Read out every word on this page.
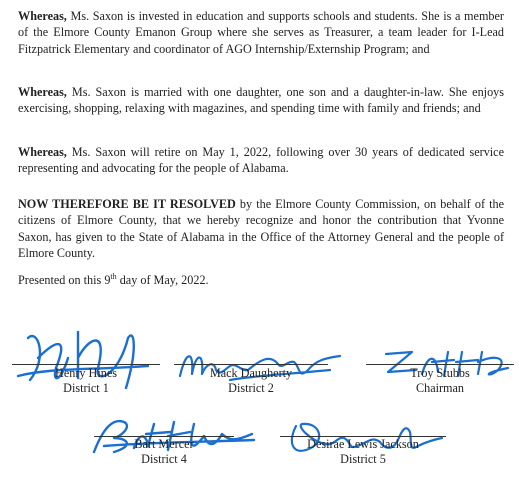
Whereas, Ms. Saxon is invested in education and supports schools and students. She is a member of the Elmore County Emanon Group where she serves as Treasurer, a team leader for I-Lead Fitzpatrick Elementary and coordinator of AGO Internship/Externship Program; and

Whereas, Ms. Saxon is married with one daughter, one son and a daughter-in-law. She enjoys exercising, shopping, relaxing with magazines, and spending time with family and friends; and

Whereas, Ms. Saxon will retire on May 1, 2022, following over 30 years of dedicated service representing and advocating for the people of Alabama.

NOW THEREFORE BE IT RESOLVED by the Elmore County Commission, on behalf of the citizens of Elmore County, that we hereby recognize and honor the contribution that Yvonne Saxon, has given to the State of Alabama in the Office of the Attorney General and the people of Elmore County.

Presented on this 9th day of May, 2022.

Henry Hines
District 1
Mack Daugherty
District 2
Troy Stubbs
Chairman
Bart Mercer
District 4
Desirae Lewis Jackson
District 5
